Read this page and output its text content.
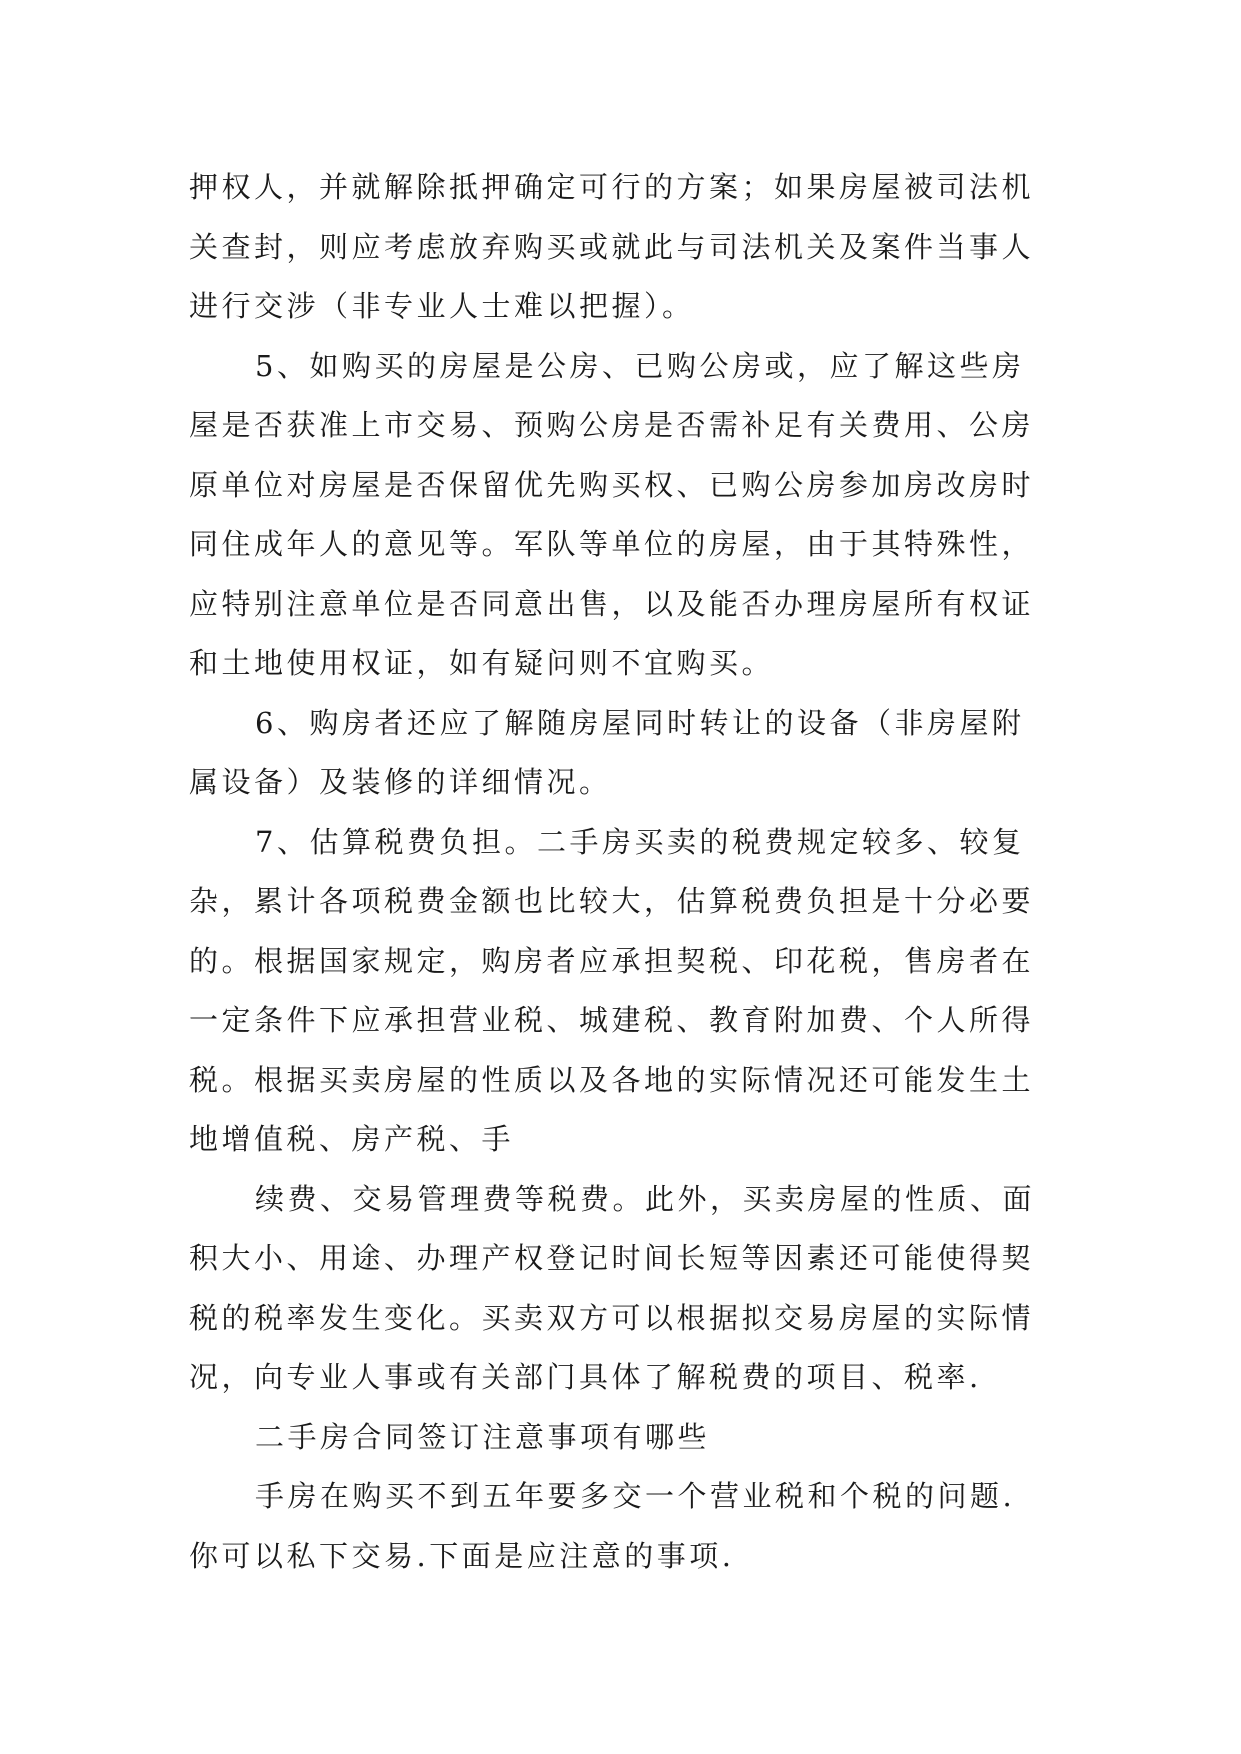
押权人，并就解除抵押确定可行的方案；如果房屋被司法机
关查封，则应考虑放弃购买或就此与司法机关及案件当事人
进行交涉（非专业人士难以把握）。
5、如购买的房屋是公房、已购公房或，应了解这些房
屋是否获准上市交易、预购公房是否需补足有关费用、公房
原单位对房屋是否保留优先购买权、已购公房参加房改房时
同住成年人的意见等。军队等单位的房屋，由于其特殊性，
应特别注意单位是否同意出售，以及能否办理房屋所有权证
和土地使用权证，如有疑问则不宜购买。
6、购房者还应了解随房屋同时转让的设备（非房屋附
属设备）及装修的详细情况。
7、估算税费负担。二手房买卖的税费规定较多、较复
杂，累计各项税费金额也比较大，估算税费负担是十分必要
的。根据国家规定，购房者应承担契税、印花税，售房者在
一定条件下应承担营业税、城建税、教育附加费、个人所得
税。根据买卖房屋的性质以及各地的实际情况还可能发生土
地增值税、房产税、手
续费、交易管理费等税费。此外，买卖房屋的性质、面
积大小、用途、办理产权登记时间长短等因素还可能使得契
税的税率发生变化。买卖双方可以根据拟交易房屋的实际情
况，向专业人事或有关部门具体了解税费的项目、税率.
二手房合同签订注意事项有哪些
手房在购买不到五年要多交一个营业税和个税的问题.
你可以私下交易.下面是应注意的事项.
